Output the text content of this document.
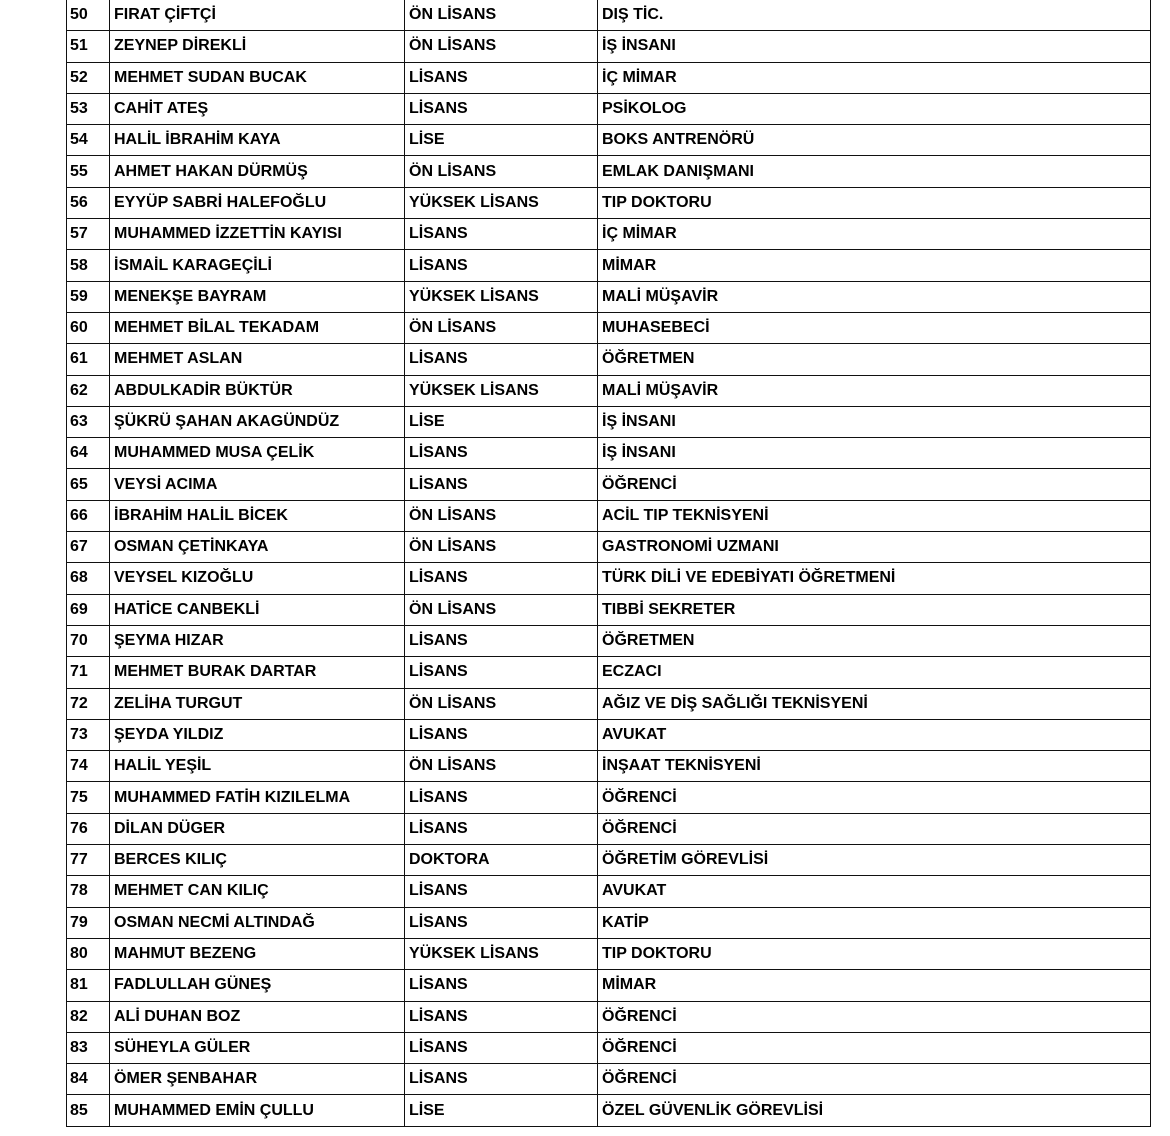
50	FIRAT ÇİFTÇİ	ÖN LİSANS	DIŞ TİC.
51	ZEYNEP DİREKLİ	ÖN LİSANS	İŞ İNSANI
52	MEHMET SUDAN BUCAK	LİSANS	İÇ MİMAR
53	CAHİT ATEŞ	LİSANS	PSİKOLOG
54	HALİL İBRAHİM KAYA	LİSE	BOKS ANTRENÖRÜ
55	AHMET HAKAN DÜRMÜŞ	ÖN LİSANS	EMLAK DANIŞMANI
56	EYYÜP SABRİ HALEFOĞLU	YÜKSEK LİSANS	TIP DOKTORU
57	MUHAMMED İZZETTİN KAYISI	LİSANS	İÇ MİMAR
58	İSMAİL KARAGEÇİLİ	LİSANS	MİMAR
59	MENEKŞE BAYRAM	YÜKSEK LİSANS	MALİ MÜŞAVİR
60	MEHMET BİLAL TEKADAM	ÖN LİSANS	MUHASEBECİ
61	MEHMET ASLAN	LİSANS	ÖĞRETMEN
62	ABDULKADİR BÜKTÜR	YÜKSEK LİSANS	MALİ MÜŞAVİR
63	ŞÜKRÜ ŞAHAN AKAGÜNDÜZ	LİSE	İŞ İNSANI
64	MUHAMMED MUSA ÇELİK	LİSANS	İŞ İNSANI
65	VEYSİ ACIMA	LİSANS	ÖĞRENCİ
66	İBRAHİM HALİL BİCEK	ÖN LİSANS	ACİL TIP TEKNİSYENİ
67	OSMAN ÇETİNKAYA	ÖN LİSANS	GASTRONOMİ UZMANI
68	VEYSEL KIZOĞLU	LİSANS	TÜRK DİLİ VE EDEBİYATI ÖĞRETMENİ
69	HATİCE CANBEKLİ	ÖN LİSANS	TIBBİ SEKRETER
70	ŞEYMA HIZAR	LİSANS	ÖĞRETMEN
71	MEHMET BURAK DARTAR	LİSANS	ECZACI
72	ZELİHA TURGUT	ÖN LİSANS	AĞIZ VE DİŞ SAĞLIĞI TEKNİSYENİ
73	ŞEYDA YILDIZ	LİSANS	AVUKAT
74	HALİL YEŞİL	ÖN LİSANS	İNŞAAT TEKNİSYENİ
75	MUHAMMED FATİH KIZILELMA	LİSANS	ÖĞRENCİ
76	DİLAN DÜGER	LİSANS	ÖĞRENCİ
77	BERCES KILIÇ	DOKTORA	ÖĞRETİM GÖREVLİSİ
78	MEHMET CAN KILIÇ	LİSANS	AVUKAT
79	OSMAN NECMİ ALTINDAĞ	LİSANS	KATİP
80	MAHMUT BEZENG	YÜKSEK LİSANS	TIP DOKTORU
81	FADLULLAH GÜNEŞ	LİSANS	MİMAR
82	ALİ DUHAN BOZ	LİSANS	ÖĞRENCİ
83	SÜHEYLA GÜLER	LİSANS	ÖĞRENCİ
84	ÖMER ŞENBAHAR	LİSANS	ÖĞRENCİ
85	MUHAMMED EMİN ÇULLU	LİSE	ÖZEL GÜVENLİK GÖREVLİSİ
